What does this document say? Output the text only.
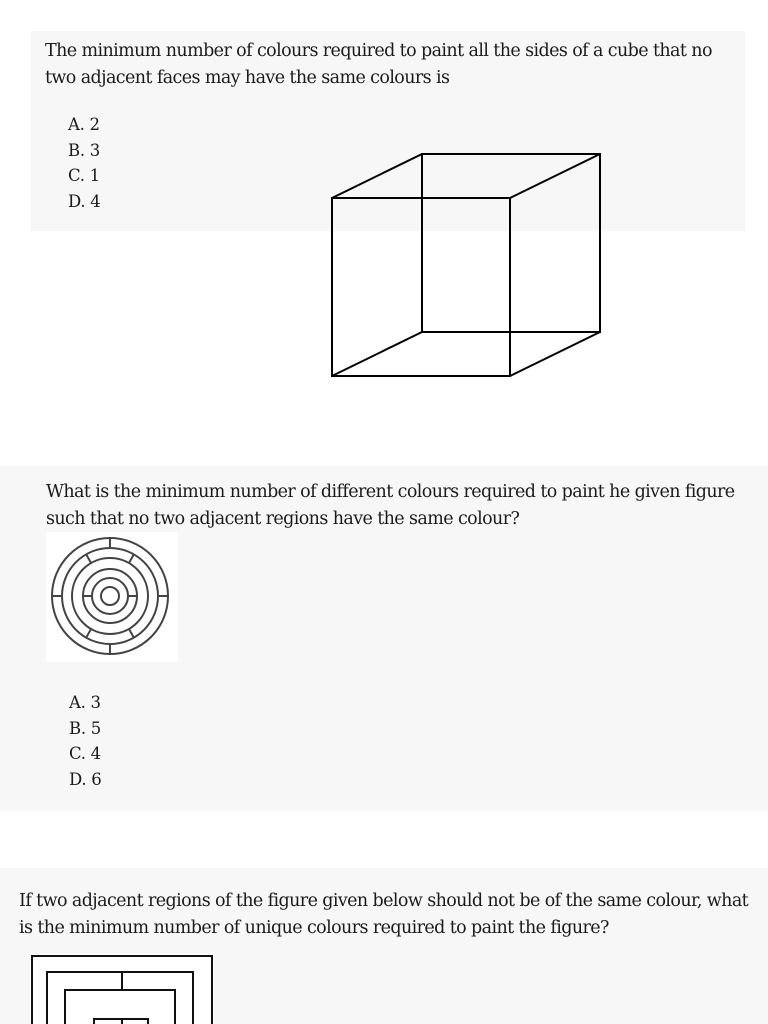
The minimum number of colours required to paint all the sides of a cube that no two adjacent faces may have the same colours is

A. 2
B. 3
C. 1
D. 4

What is the minimum number of different colours required to paint he given figure such that no two adjacent regions have the same colour?

A. 3
B. 5
C. 4
D. 6

If two adjacent regions of the figure given below should not be of the same colour, what is the minimum number of unique colours required to paint the figure?
